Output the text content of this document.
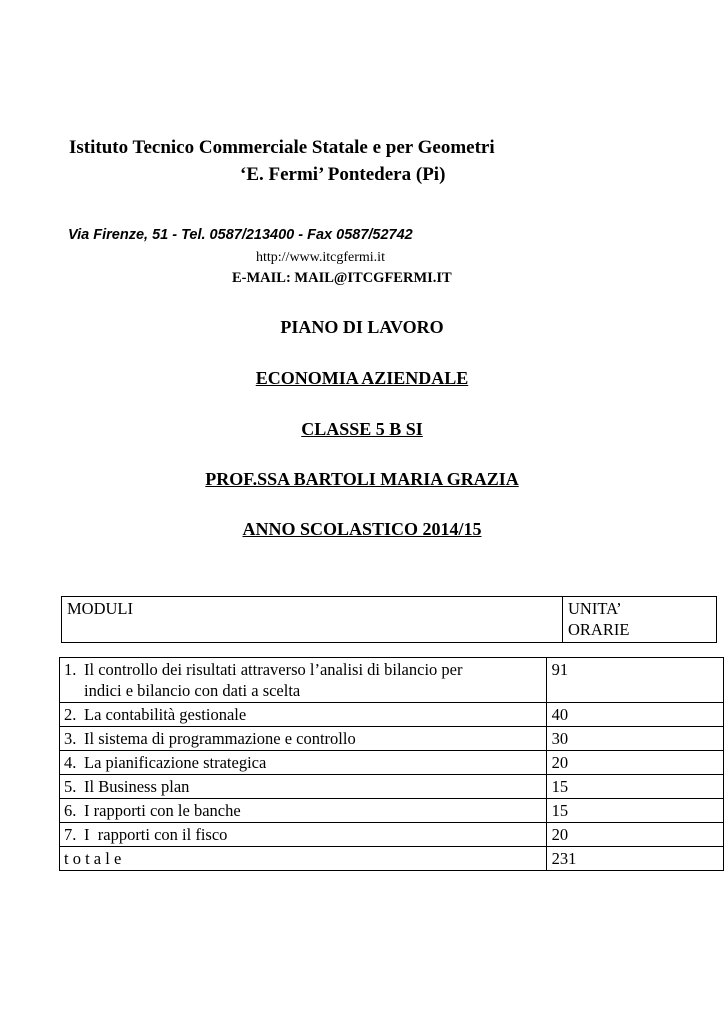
Istituto Tecnico Commerciale Statale e per Geometri
‘E. Fermi’ Pontedera (Pi)
Via Firenze, 51 - Tel. 0587/213400 - Fax 0587/52742
http://www.itcgfermi.it
E-MAIL: MAIL@ITCGFERMI.IT
PIANO DI LAVORO
ECONOMIA AZIENDALE
CLASSE 5 B SI
PROF.SSA BARTOLI MARIA GRAZIA
ANNO SCOLASTICO 2014/15
MODULI	UNITA’
ORARIE
1. Il controllo dei risultati attraverso l’analisi di bilancio per
indici e bilancio con dati a scelta	91
2. La contabilità gestionale	40
3. Il sistema di programmazione e controllo	30
4. La pianificazione strategica	20
5. Il Business plan	15
6. I rapporti con le banche	15
7. I  rapporti con il fisco	20
t o t a l e	231
